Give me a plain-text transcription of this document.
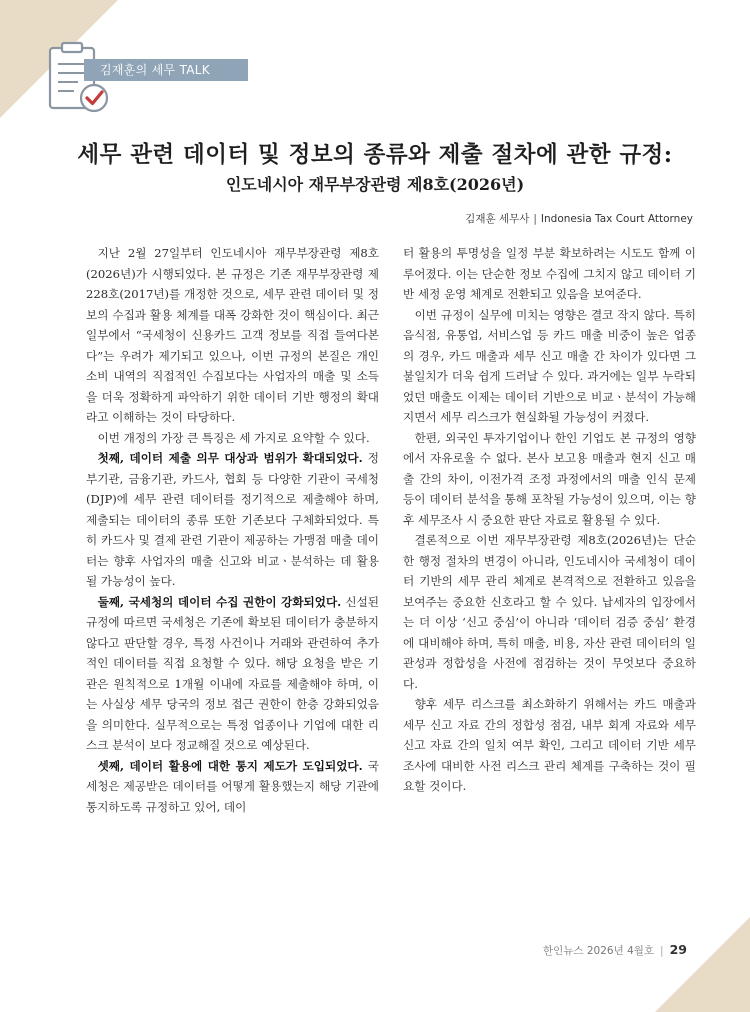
김재훈의 세무 TALK
세무 관련 데이터 및 정보의 종류와 제출 절차에 관한 규정:
인도네시아 재무부장관령 제8호(2026년)
김재훈 세무사 | Indonesia Tax Court Attorney

지난 2월 27일부터 인도네시아 재무부장관령 제8호(2026년)가 시행되었다. 본 규정은 기존 재무부장관령 제228호(2017년)를 개정한 것으로, 세무 관련 데이터 및 정보의 수집과 활용 체계를 대폭 강화한 것이 핵심이다. 최근 일부에서 “국세청이 신용카드 고객 정보를 직접 들여다본다”는 우려가 제기되고 있으나, 이번 규정의 본질은 개인 소비 내역의 직접적인 수집보다는 사업자의 매출 및 소득을 더욱 정확하게 파악하기 위한 데이터 기반 행정의 확대라고 이해하는 것이 타당하다.

이번 개정의 가장 큰 특징은 세 가지로 요약할 수 있다.

첫째, 데이터 제출 의무 대상과 범위가 확대되었다. 정부기관, 금융기관, 카드사, 협회 등 다양한 기관이 국세청(DJP)에 세무 관련 데이터를 정기적으로 제출해야 하며, 제출되는 데이터의 종류 또한 기존보다 구체화되었다. 특히 카드사 및 결제 관련 기관이 제공하는 가맹점 매출 데이터는 향후 사업자의 매출 신고와 비교ㆍ분석하는 데 활용될 가능성이 높다.

둘째, 국세청의 데이터 수집 권한이 강화되었다. 신설된 규정에 따르면 국세청은 기존에 확보된 데이터가 충분하지 않다고 판단할 경우, 특정 사건이나 거래와 관련하여 추가적인 데이터를 직접 요청할 수 있다. 해당 요청을 받은 기관은 원칙적으로 1개월 이내에 자료를 제출해야 하며, 이는 사실상 세무 당국의 정보 접근 권한이 한층 강화되었음을 의미한다. 실무적으로는 특정 업종이나 기업에 대한 리스크 분석이 보다 정교해질 것으로 예상된다.

셋째, 데이터 활용에 대한 통지 제도가 도입되었다. 국세청은 제공받은 데이터를 어떻게 활용했는지 해당 기관에 통지하도록 규정하고 있어, 데이

터 활용의 투명성을 일정 부분 확보하려는 시도도 함께 이루어졌다. 이는 단순한 정보 수집에 그치지 않고 데이터 기반 세정 운영 체계로 전환되고 있음을 보여준다.

이번 규정이 실무에 미치는 영향은 결코 작지 않다. 특히 음식점, 유통업, 서비스업 등 카드 매출 비중이 높은 업종의 경우, 카드 매출과 세무 신고 매출 간 차이가 있다면 그 불일치가 더욱 쉽게 드러날 수 있다. 과거에는 일부 누락되었던 매출도 이제는 데이터 기반으로 비교ㆍ분석이 가능해지면서 세무 리스크가 현실화될 가능성이 커졌다.

한편, 외국인 투자기업이나 한인 기업도 본 규정의 영향에서 자유로울 수 없다. 본사 보고용 매출과 현지 신고 매출 간의 차이, 이전가격 조정 과정에서의 매출 인식 문제 등이 데이터 분석을 통해 포착될 가능성이 있으며, 이는 향후 세무조사 시 중요한 판단 자료로 활용될 수 있다.

결론적으로 이번 재무부장관령 제8호(2026년)는 단순한 행정 절차의 변경이 아니라, 인도네시아 국세청이 데이터 기반의 세무 관리 체계로 본격적으로 전환하고 있음을 보여주는 중요한 신호라고 할 수 있다. 납세자의 입장에서는 더 이상 ‘신고 중심’이 아니라 ‘데이터 검증 중심’ 환경에 대비해야 하며, 특히 매출, 비용, 자산 관련 데이터의 일관성과 정합성을 사전에 점검하는 것이 무엇보다 중요하다.

향후 세무 리스크를 최소화하기 위해서는 카드 매출과 세무 신고 자료 간의 정합성 점검, 내부 회계 자료와 세무 신고 자료 간의 일치 여부 확인, 그리고 데이터 기반 세무조사에 대비한 사전 리스크 관리 체계를 구축하는 것이 필요할 것이다.

한인뉴스 2026년 4월호 | 29
